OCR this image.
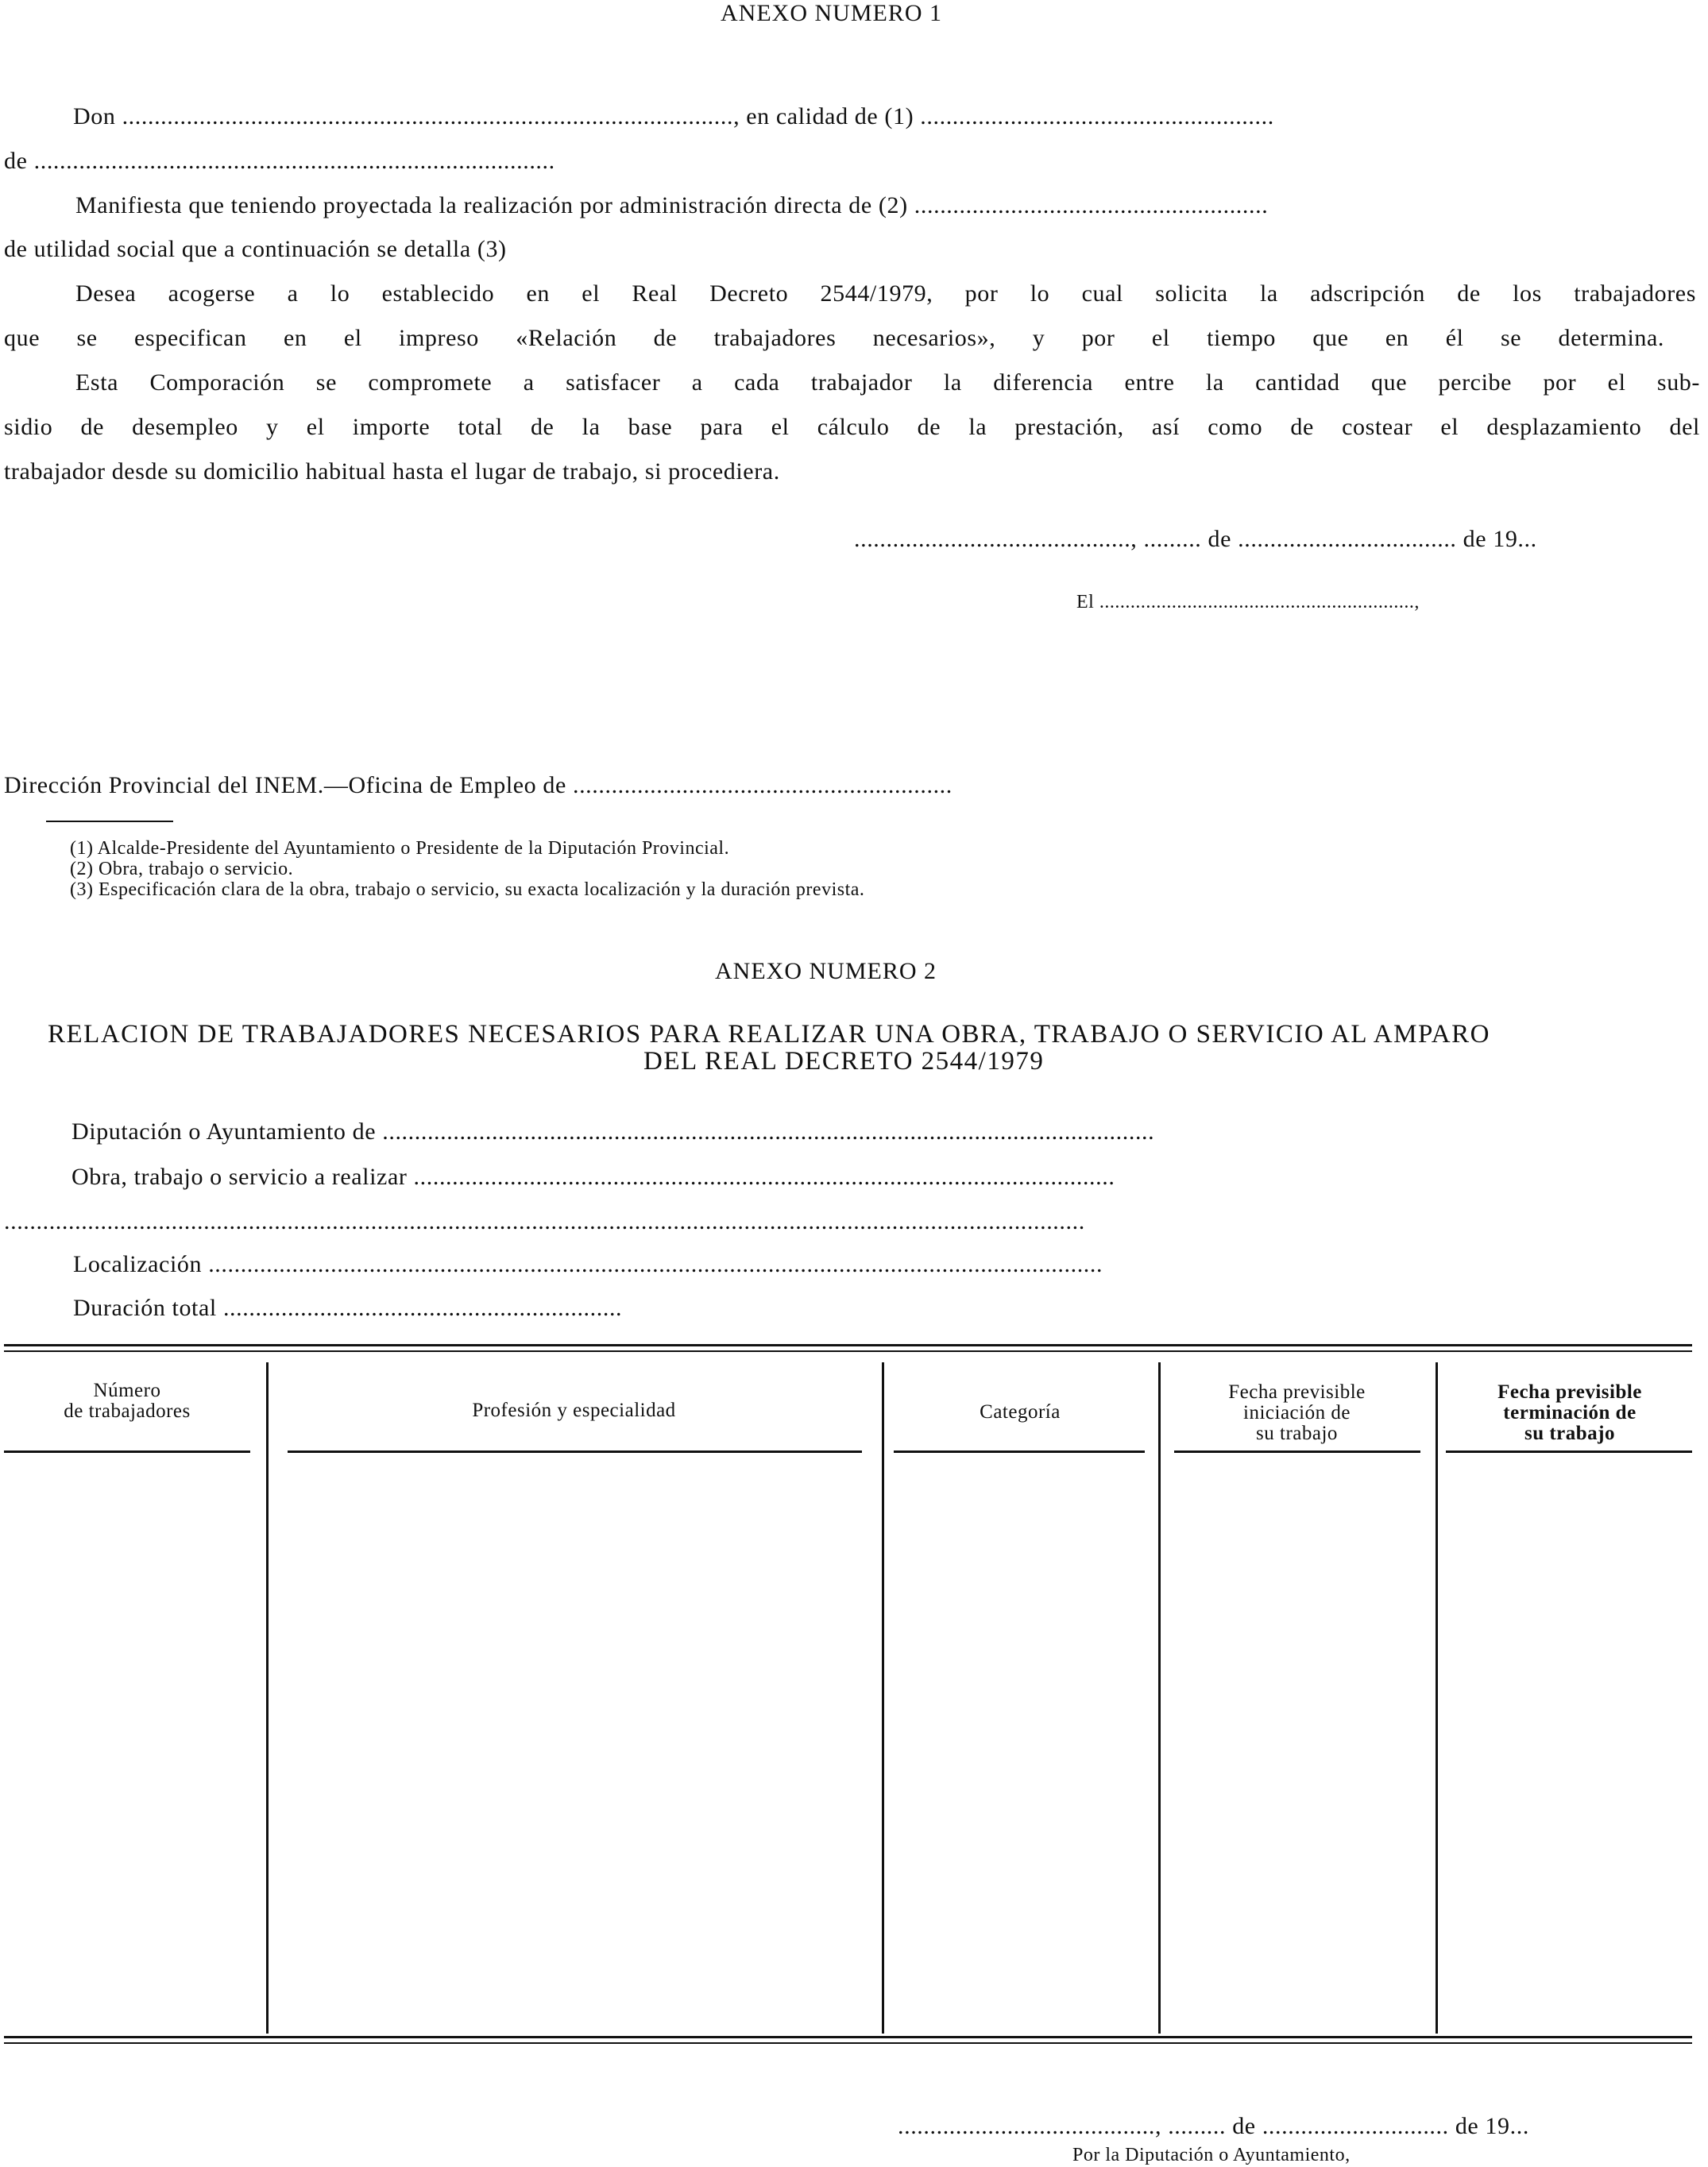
ANEXO NUMERO 1
Don ..............................................................................................., en calidad de (1) .......................................................
de .................................................................................
Manifiesta que teniendo proyectada la realización por administración directa de (2) .......................................................
de utilidad social que a continuación se detalla (3)
Desea acogerse a lo establecido en el Real Decreto 2544/1979, por lo cual solicita la adscripción de los trabajadores
que se especifican en el impreso «Relación de trabajadores necesarios», y por el tiempo que en él se determina.
Esta Comporación se compromete a satisfacer a cada trabajador la diferencia entre la cantidad que percibe por el sub-
sidio de desempleo y el importe total de la base para el cálculo de la prestación, así como de costear el desplazamiento del
trabajador desde su domicilio habitual hasta el lugar de trabajo, si procediera.
..........................................., ......... de .................................. de 19...
El .............................................................,
Dirección Provincial del INEM.—Oficina de Empleo de ...........................................................
(1) Alcalde-Presidente del Ayuntamiento o Presidente de la Diputación Provincial.
(2) Obra, trabajo o servicio.
(3) Especificación clara de la obra, trabajo o servicio, su exacta localización y la duración prevista.
ANEXO NUMERO 2
RELACION DE TRABAJADORES NECESARIOS PARA REALIZAR UNA OBRA, TRABAJO O SERVICIO AL AMPARO
DEL REAL DECRETO 2544/1979
Diputación o Ayuntamiento de ........................................................................................................................
Obra, trabajo o servicio a realizar .............................................................................................................
........................................................................................................................................................................
Localización ...........................................................................................................................................
Duración total ..............................................................
Número
de trabajadores	Profesión y especialidad	Categoría
Fecha previsible
iniciación de
su trabajo
Fecha previsible
terminación de
su trabajo
........................................, ......... de ............................. de 19...
Por la Diputación o Ayuntamiento,
